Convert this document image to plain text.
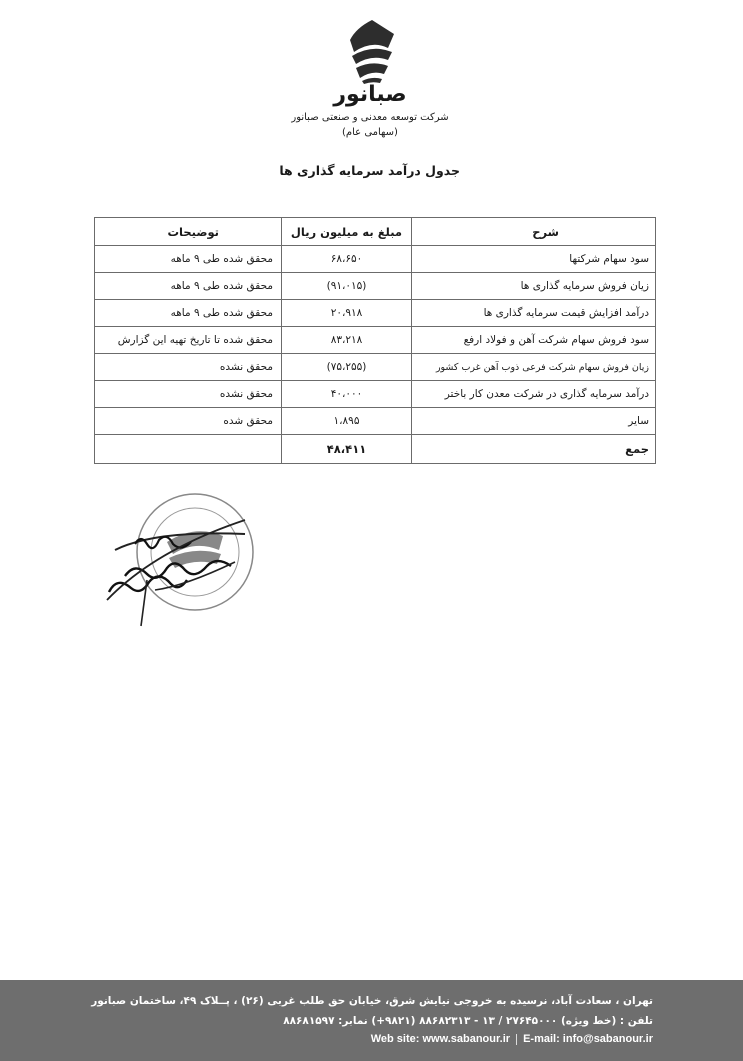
صبانور
شرکت توسعه معدنی و صنعتی صبانور
(سهامی عام)
جدول درآمد سرمایه گذاری ها
شرح	مبلغ به میلیون ریال	توضیحات
سود سهام شرکتها	۶۸،۶۵۰	محقق شده طی ۹ ماهه
زیان فروش سرمایه گذاری ها	(۹۱،۰۱۵)	محقق شده طی ۹ ماهه
درآمد افزایش قیمت سرمایه گذاری ها	۲۰،۹۱۸	محقق شده طی ۹ ماهه
سود فروش سهام شرکت آهن و فولاد ارفع	۸۳،۲۱۸	محقق شده تا تاریخ تهیه این گزارش
زیان فروش سهام شرکت فرعی ذوب آهن غرب کشور	(۷۵،۲۵۵)	محقق نشده
درآمد سرمایه گذاری در شرکت معدن کار باختر	۴۰،۰۰۰	محقق نشده
سایر	۱،۸۹۵	محقق شده
جمع	۴۸،۴۱۱	
تهران ، سعادت آباد، نرسیده به خروجی نیایش شرق، خیابان حق طلب غربی (۲۶) ، پــلاک ۴۹، ساختمان صبانور
تلفن : (خط ویژه) ۲۷۶۴۵۰۰۰ / ۱۳ - ۸۸۶۸۲۳۱۳ (۹۸۲۱+) نمابر: ۸۸۶۸۱۵۹۷
Web site: www.sabanour.ir E-mail: info@sabanour.ir
